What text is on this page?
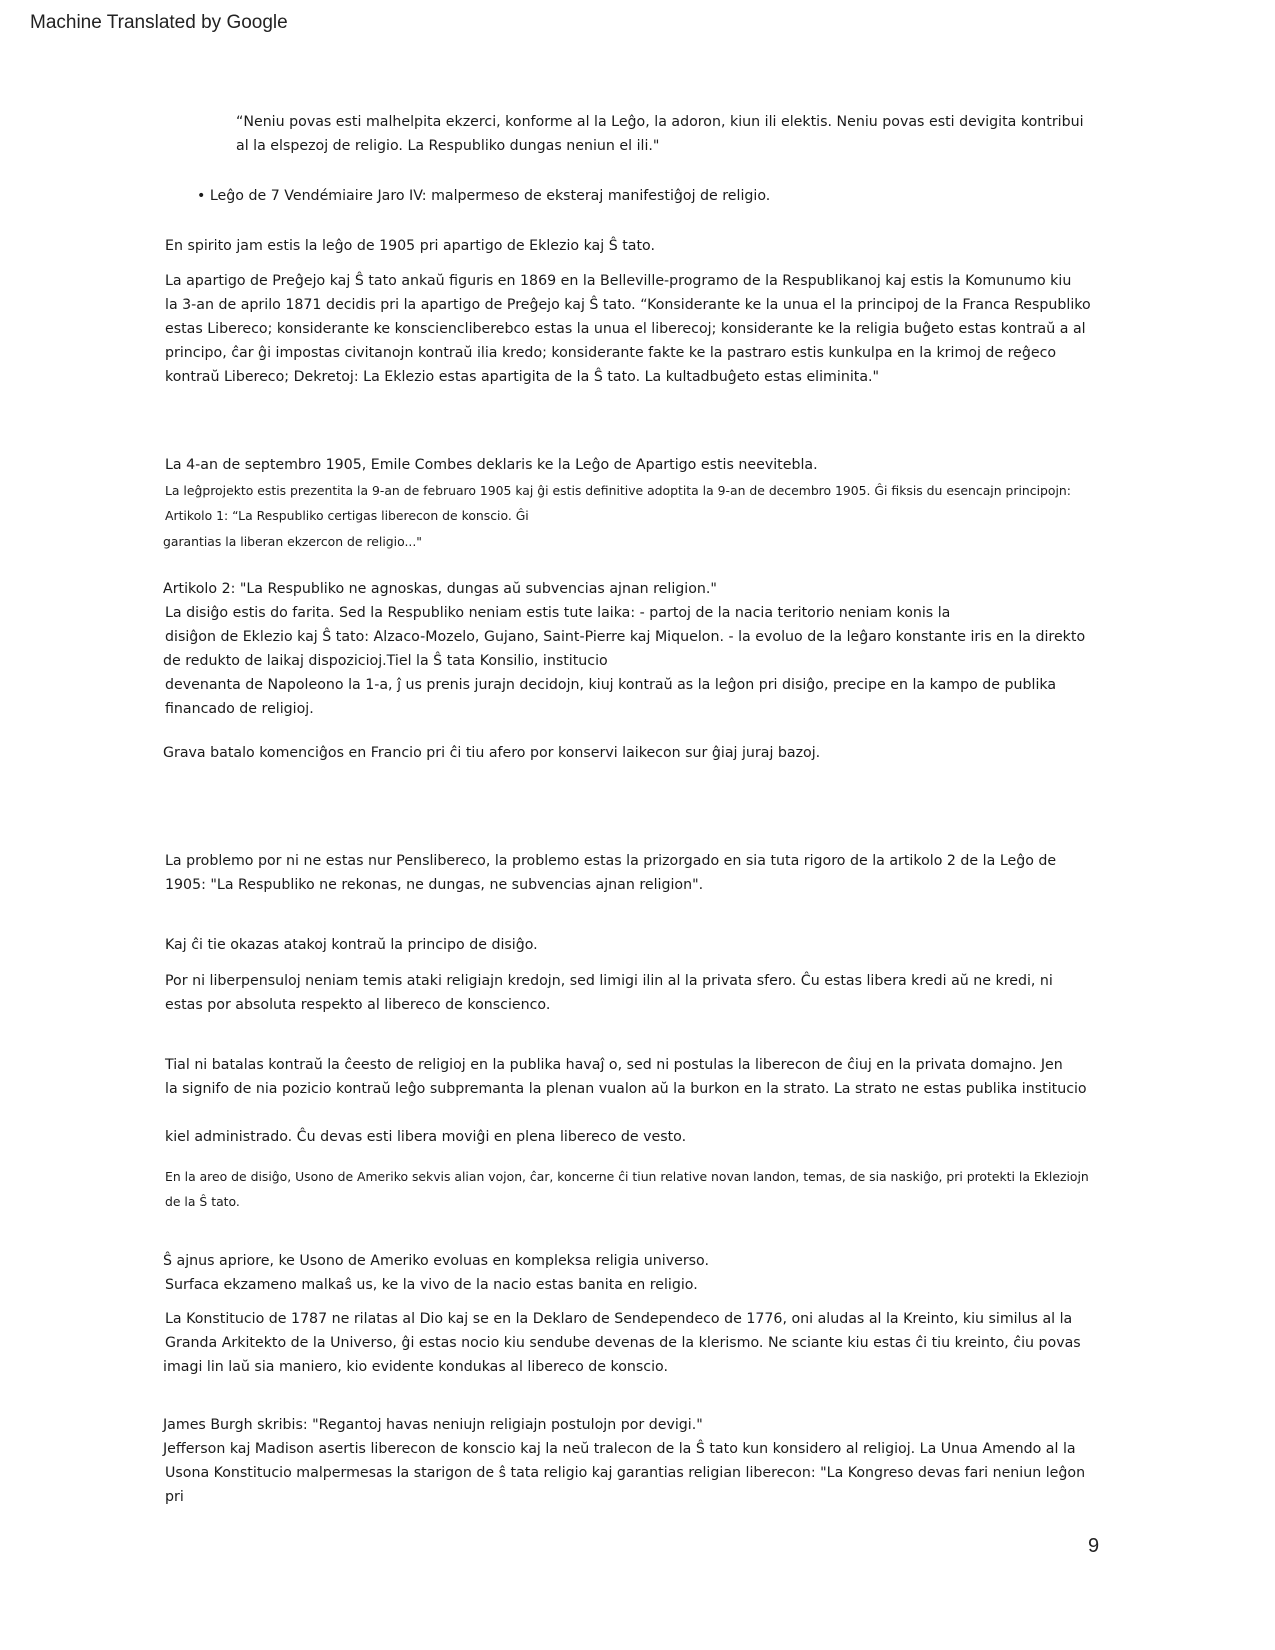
Machine Translated by Google
“Neniu povas esti malhelpita ekzerci, konforme al la Leĝo, la adoron, kiun ili elektis. Neniu povas esti devigita kontribui
al la elspezoj de religio. La Respubliko dungas neniun el ili."
• Leĝo de 7 Vendémiaire Jaro IV: malpermeso de eksteraj manifestiĝoj de religio.
En spirito jam estis la leĝo de 1905 pri apartigo de Eklezio kaj Ŝ tato.
La apartigo de Preĝejo kaj Ŝ tato ankaŭ figuris en 1869 en la Belleville-programo de la Respublikanoj kaj estis la Komunumo kiu
la 3-an de aprilo 1871 decidis pri la apartigo de Preĝejo kaj Ŝ tato. “Konsiderante ke la unua el la principoj de la Franca Respubliko
estas Libereco; konsiderante ke konsciencliberebco estas la unua el liberecoj; konsiderante ke la religia buĝeto estas kontraŭ a al
principo, ĉar ĝi impostas civitanojn kontraŭ ilia kredo; konsiderante fakte ke la pastraro estis kunkulpa en la krimoj de reĝeco
kontraŭ Libereco; Dekretoj: La Eklezio estas apartigita de la Ŝ tato. La kultadbuĝeto estas eliminita."
La 4-an de septembro 1905, Emile Combes deklaris ke la Leĝo de Apartigo estis neevitebla.
La leĝprojekto estis prezentita la 9-an de februaro 1905 kaj ĝi estis definitive adoptita la 9-an de decembro 1905. Ĝi fiksis du esencajn principojn:
Artikolo 1: “La Respubliko certigas liberecon de konscio. Ĝi
garantias la liberan ekzercon de religio..."
Artikolo 2: "La Respubliko ne agnoskas, dungas aŭ subvencias ajnan religion."
La disiĝo estis do farita. Sed la Respubliko neniam estis tute laika: - partoj de la nacia teritorio neniam konis la
disiĝon de Eklezio kaj Ŝ tato: Alzaco-Mozelo, Gujano, Saint-Pierre kaj Miquelon. - la evoluo de la leĝaro konstante iris en la direkto
de redukto de laikaj dispozicioj.Tiel la Ŝ tata Konsilio, institucio
devenanta de Napoleono la 1-a, ĵ us prenis jurajn decidojn, kiuj kontraŭ as la leĝon pri disiĝo, precipe en la kampo de publika
financado de religioj.
Grava batalo komenciĝos en Francio pri ĉi tiu afero por konservi laikecon sur ĝiaj juraj bazoj.
La problemo por ni ne estas nur Penslibereco, la problemo estas la prizorgado en sia tuta rigoro de la artikolo 2 de la Leĝo de
1905: "La Respubliko ne rekonas, ne dungas, ne subvencias ajnan religion".
Kaj ĉi tie okazas atakoj kontraŭ la principo de disiĝo.
Por ni liberpensuloj neniam temis ataki religiajn kredojn, sed limigi ilin al la privata sfero. Ĉu estas libera kredi aŭ ne kredi, ni
estas por absoluta respekto al libereco de konscienco.
Tial ni batalas kontraŭ la ĉeesto de religioj en la publika havaĵ o, sed ni postulas la liberecon de ĉiuj en la privata domajno. Jen
la signifo de nia pozicio kontraŭ leĝo subpremanta la plenan vualon aŭ la burkon en la strato. La strato ne estas publika institucio
kiel administrado. Ĉu devas esti libera moviĝi en plena libereco de vesto.
En la areo de disiĝo, Usono de Ameriko sekvis alian vojon, ĉar, koncerne ĉi tiun relative novan landon, temas, de sia naskiĝo, pri protekti la Ekleziojn
de la Ŝ tato.
Ŝ ajnus apriore, ke Usono de Ameriko evoluas en kompleksa religia universo.
Surfaca ekzameno malkaŝ us, ke la vivo de la nacio estas banita en religio.
La Konstitucio de 1787 ne rilatas al Dio kaj se en la Deklaro de Sendependeco de 1776, oni aludas al la Kreinto, kiu similus al la
Granda Arkitekto de la Universo, ĝi estas nocio kiu sendube devenas de la klerismo. Ne sciante kiu estas ĉi tiu kreinto, ĉiu povas
imagi lin laŭ sia maniero, kio evidente kondukas al libereco de konscio.
James Burgh skribis: "Regantoj havas neniujn religiajn postulojn por devigi."
Jefferson kaj Madison asertis liberecon de konscio kaj la neŭ tralecon de la Ŝ tato kun konsidero al religioj. La Unua Amendo al la
Usona Konstitucio malpermesas la starigon de ŝ tata religio kaj garantias religian liberecon: "La Kongreso devas fari neniun leĝon
pri
9
